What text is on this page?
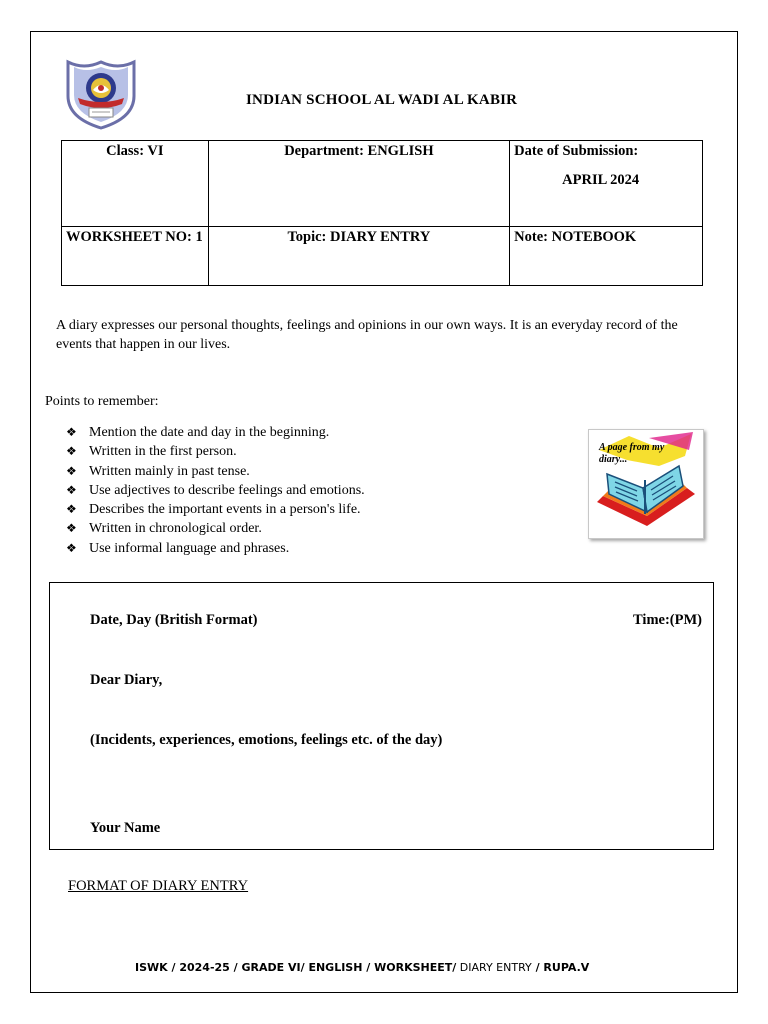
INDIAN SCHOOL AL WADI AL KABIR
Class: VI	Department: ENGLISH	Date of Submission:
APRIL 2024

WORKSHEET NO: 1	Topic: DIARY ENTRY	Note: NOTEBOOK
A diary expresses our personal thoughts, feelings and opinions in our own ways. It is an everyday record of the events that happen in our lives.
Points to remember:
❖ Mention the date and day in the beginning.
❖ Written in the first person.
❖ Written mainly in past tense.
❖ Use adjectives to describe feelings and emotions.
❖ Describes the important events in a person's life.
❖ Written in chronological order.
❖ Use informal language and phrases.
A page from my
diary...
Date, Day (British Format)	Time:(PM)
Dear Diary,
(Incidents, experiences, emotions, feelings etc. of the day)
Your Name
FORMAT OF DIARY ENTRY
ISWK / 2024-25 / GRADE VI/ ENGLISH / WORKSHEET/ DIARY ENTRY / RUPA.V
